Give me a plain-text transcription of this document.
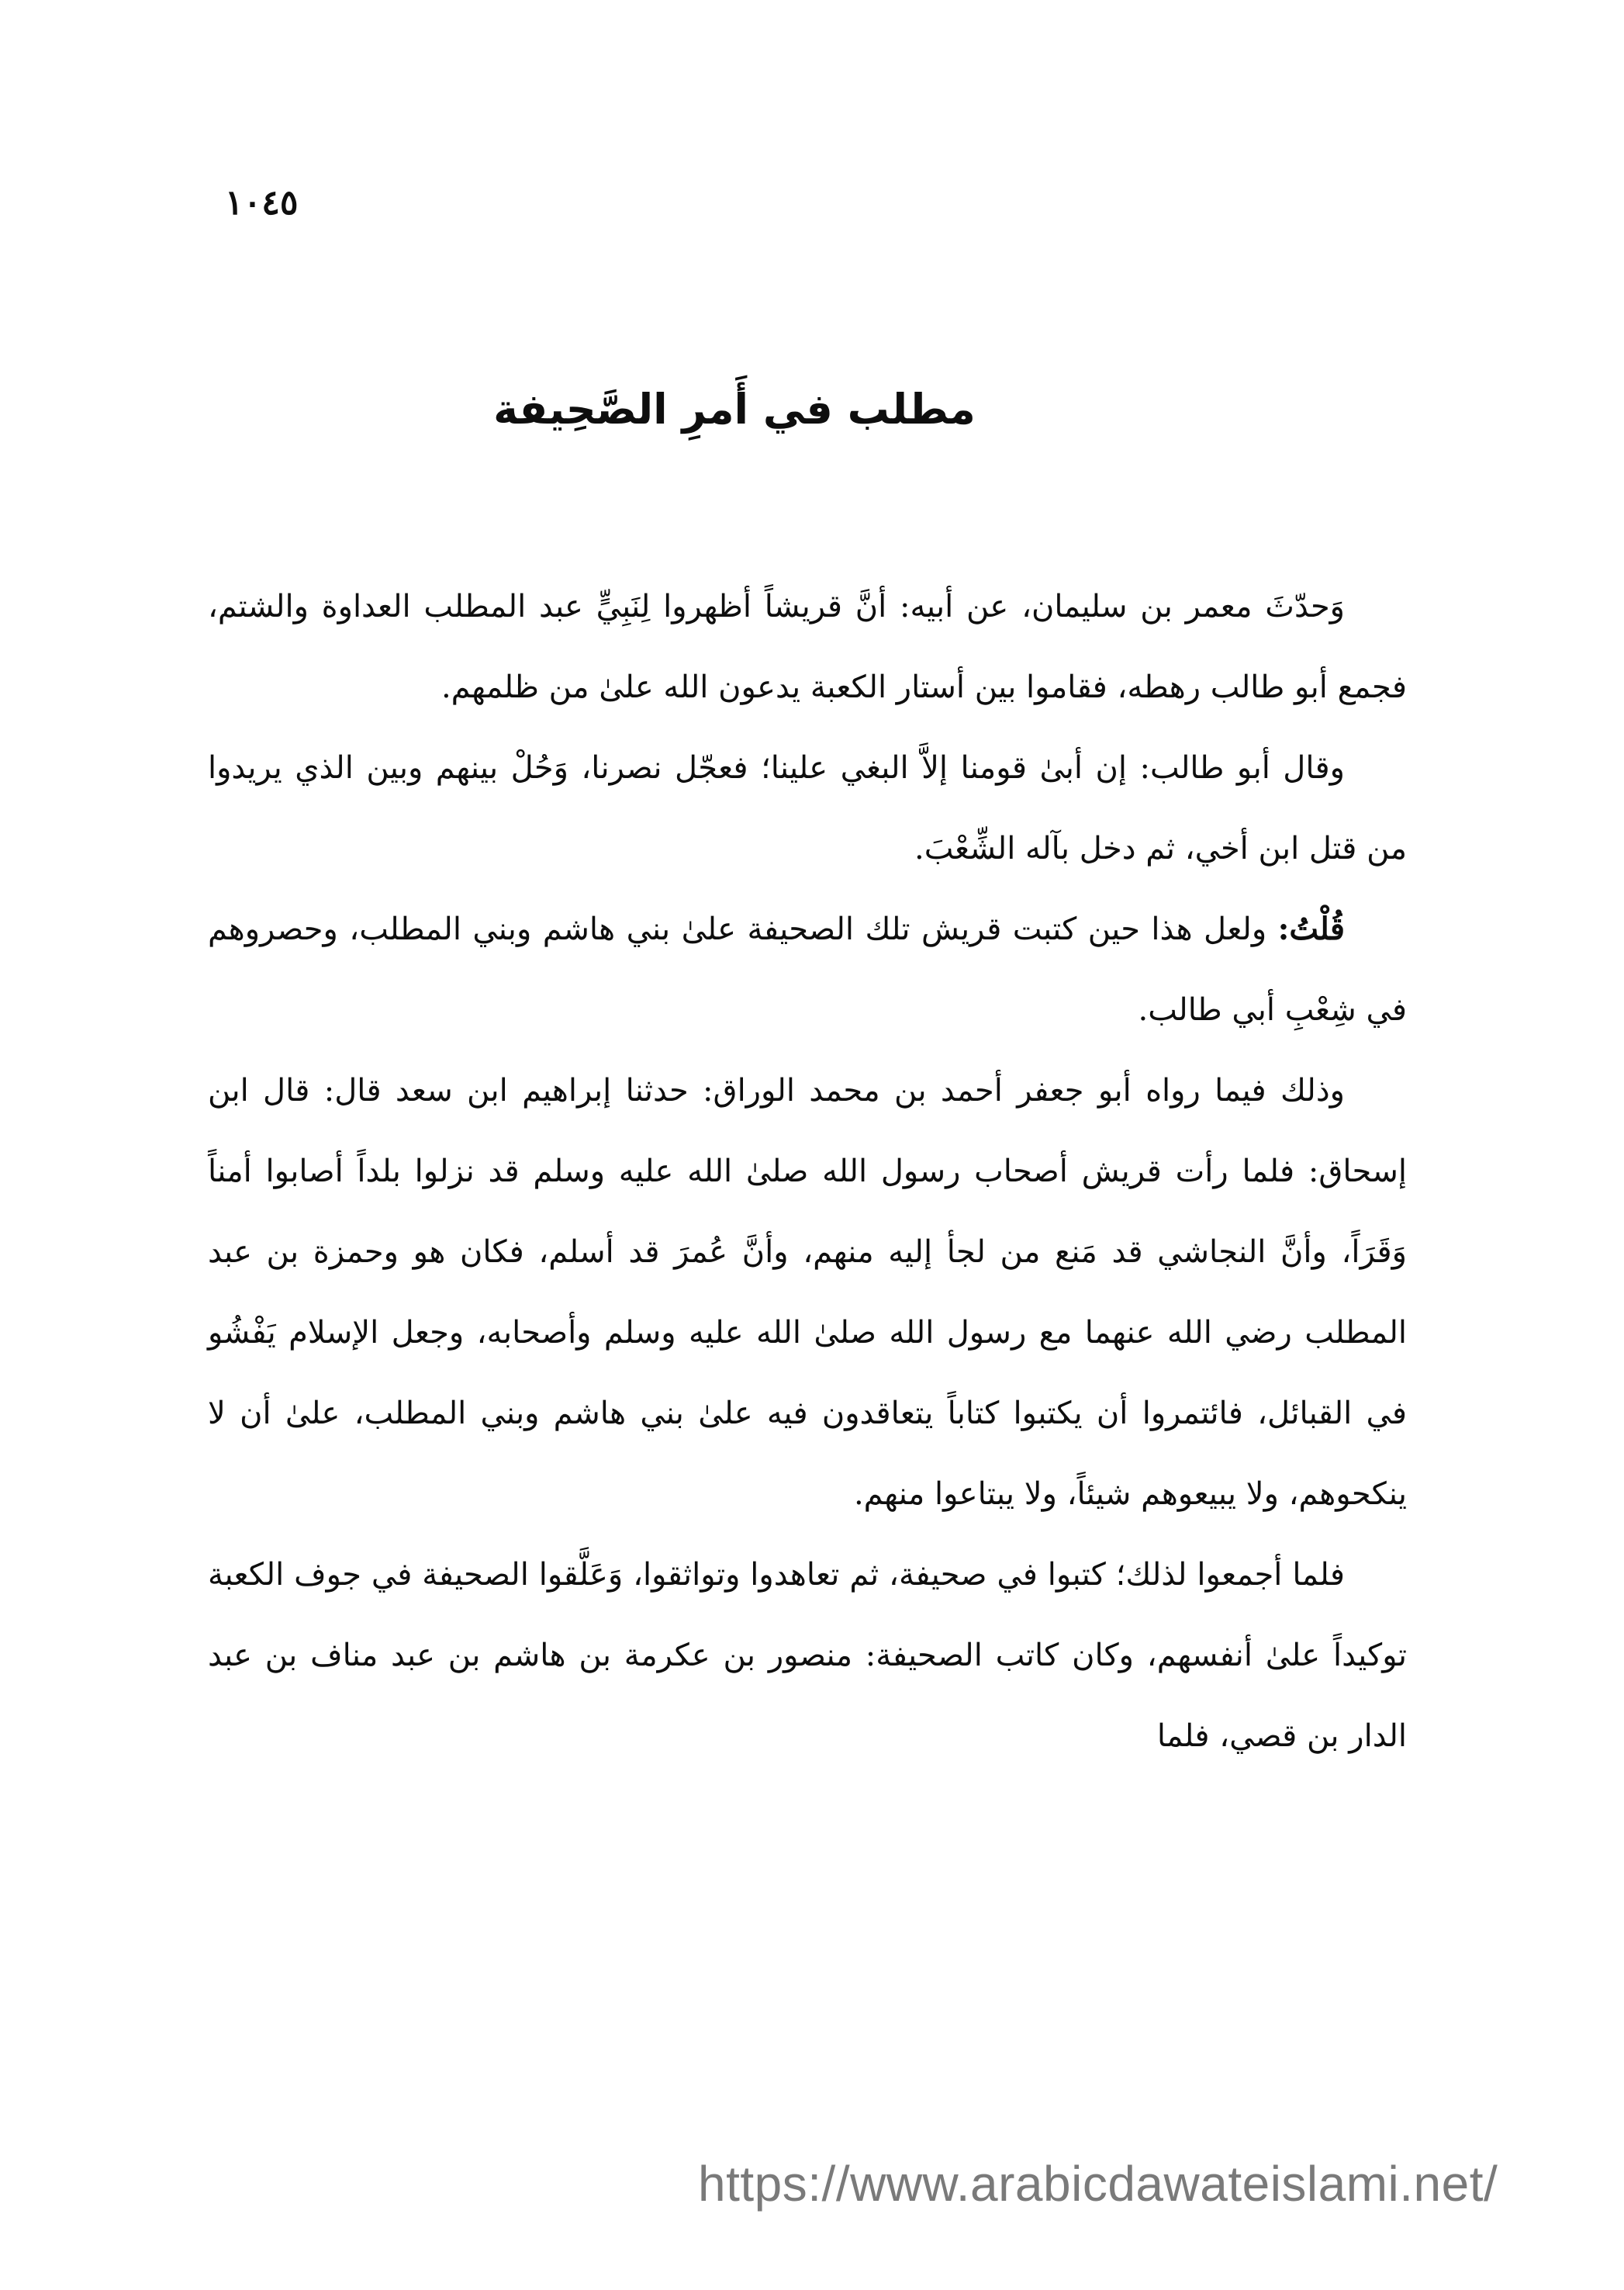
١٠٤٥
مطلب في أَمرِ الصَّحِيفة

وَحدّثَ معمر بن سليمان، عن أبيه: أنَّ قريشاً أظهروا لِنَبِيٍّ عبد المطلب العداوة والشتم، فجمع أبو طالب رهطه، فقاموا بين أستار الكعبة يدعون الله علىٰ من ظلمهم.

وقال أبو طالب: إن أبىٰ قومنا إلاَّ البغي علينا؛ فعجّل نصرنا، وَحُلْ بينهم وبين الذي يريدوا من قتل ابن أخي، ثم دخل بآله الشِّعْبَ.

قُلْتُ: ولعل هذا حين كتبت قريش تلك الصحيفة علىٰ بني هاشم وبني المطلب، وحصروهم في شِعْبِ أبي طالب.

وذلك فيما رواه أبو جعفر أحمد بن محمد الوراق: حدثنا إبراهيم ابن سعد قال: قال ابن إسحاق: فلما رأت قريش أصحاب رسول الله صلىٰ الله عليه وسلم قد نزلوا بلداً أصابوا أمناً وَقَرَاً، وأنَّ النجاشي قد مَنع من لجأ إليه منهم، وأنَّ عُمرَ قد أسلم، فكان هو وحمزة بن عبد المطلب رضي الله عنهما مع رسول الله صلىٰ الله عليه وسلم وأصحابه، وجعل الإسلام يَفْشُو في القبائل، فائتمروا أن يكتبوا كتاباً يتعاقدون فيه علىٰ بني هاشم وبني المطلب، علىٰ أن لا ينكحوهم، ولا يبيعوهم شيئاً، ولا يبتاعوا منهم.

فلما أجمعوا لذلك؛ كتبوا في صحيفة، ثم تعاهدوا وتواثقوا، وَعَلَّقوا الصحيفة في جوف الكعبة توكيداً علىٰ أنفسهم، وكان كاتب الصحيفة: منصور بن عكرمة بن هاشم بن عبد مناف بن عبد الدار بن قصي، فلما

https://www.arabicdawateislami.net/
